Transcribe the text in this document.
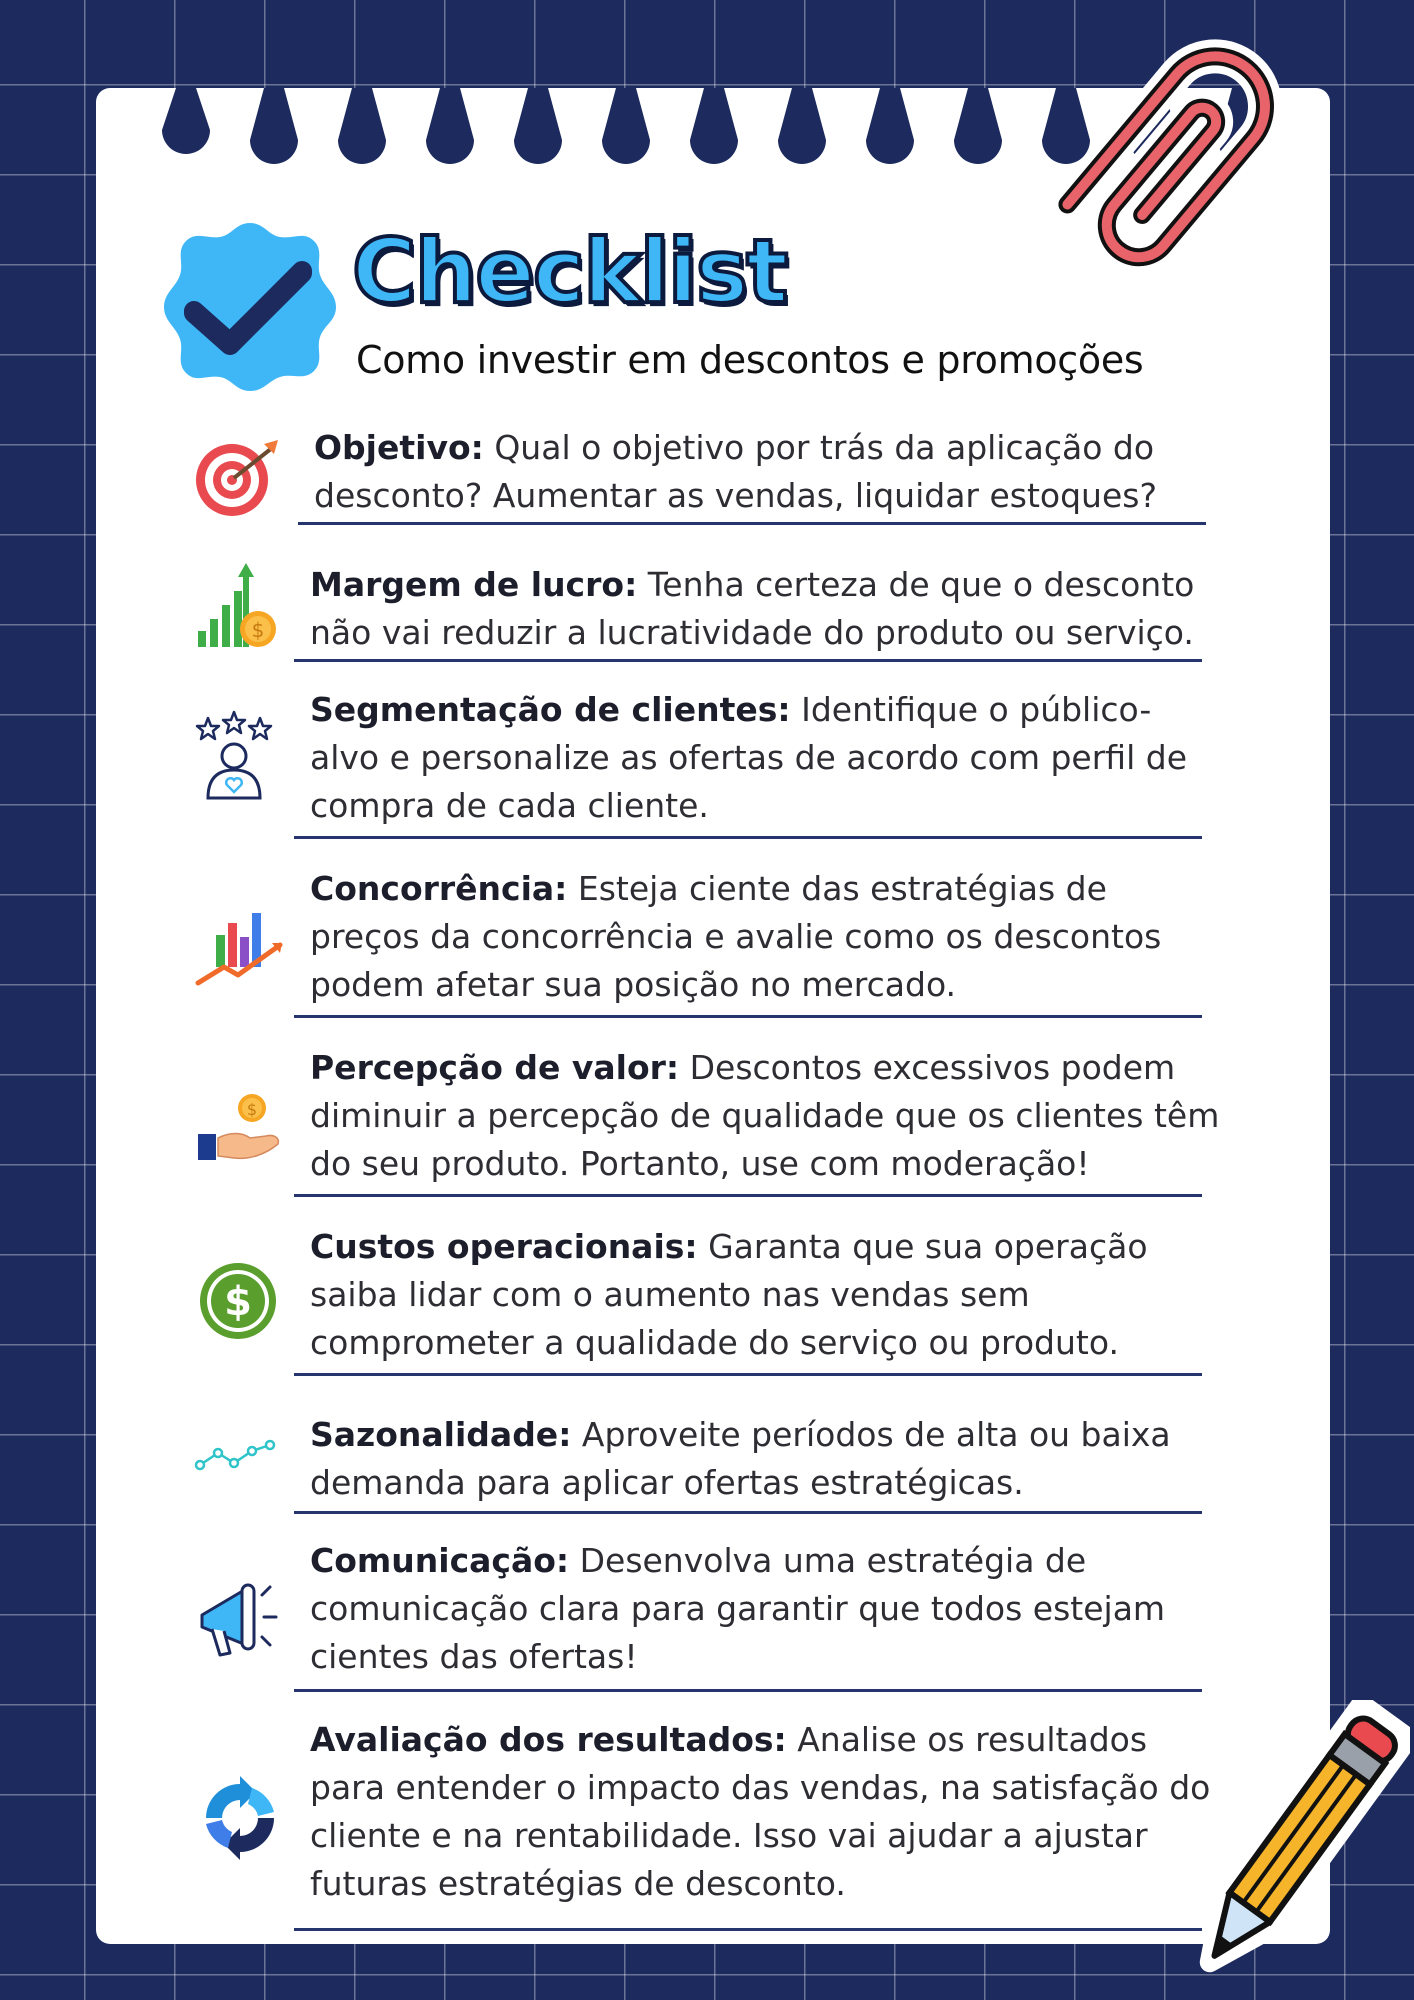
Checklist
Como investir em descontos e promoções
Objetivo: Qual o objetivo por trás da aplicação do desconto? Aumentar as vendas, liquidar estoques?
$
Margem de lucro: Tenha certeza de que o desconto não vai reduzir a lucratividade do produto ou serviço.
Segmentação de clientes: Identifique o público-alvo e personalize as ofertas de acordo com perfil de compra de cada cliente.
Concorrência: Esteja ciente das estratégias de preços da concorrência e avalie como os descontos podem afetar sua posição no mercado.
$
Percepção de valor: Descontos excessivos podem diminuir a percepção de qualidade que os clientes têm do seu produto. Portanto, use com moderação!
$
Custos operacionais: Garanta que sua operação saiba lidar com o aumento nas vendas sem comprometer a qualidade do serviço ou produto.
Sazonalidade: Aproveite períodos de alta ou baixa demanda para aplicar ofertas estratégicas.
Comunicação: Desenvolva uma estratégia de comunicação clara para garantir que todos estejam cientes das ofertas!
Avaliação dos resultados: Analise os resultados para entender o impacto das vendas, na satisfação do cliente e na rentabilidade. Isso vai ajudar a ajustar futuras estratégias de desconto.
